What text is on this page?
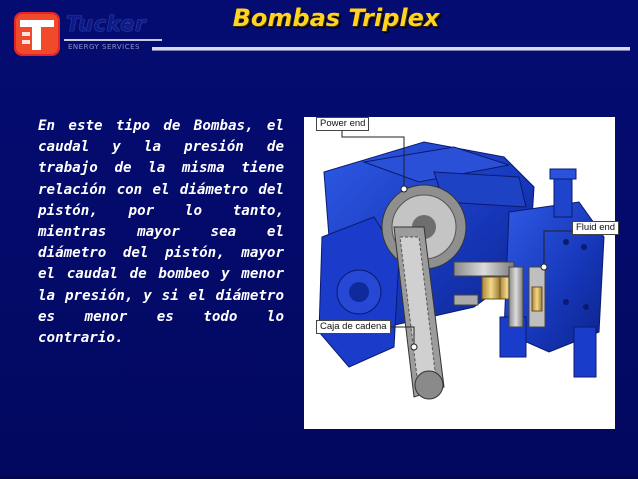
Tucker
ENERGY SERVICES
Bombas Triplex
En este tipo de Bombas, el caudal y la presión de trabajo de la misma tiene relación con el diámetro del pistón, por lo tanto, mientras mayor sea el diámetro del pistón, mayor el caudal de bombeo y menor la presión, y si el diámetro es menor es todo lo contrario.
Power end
Fluid end
Caja de cadena
